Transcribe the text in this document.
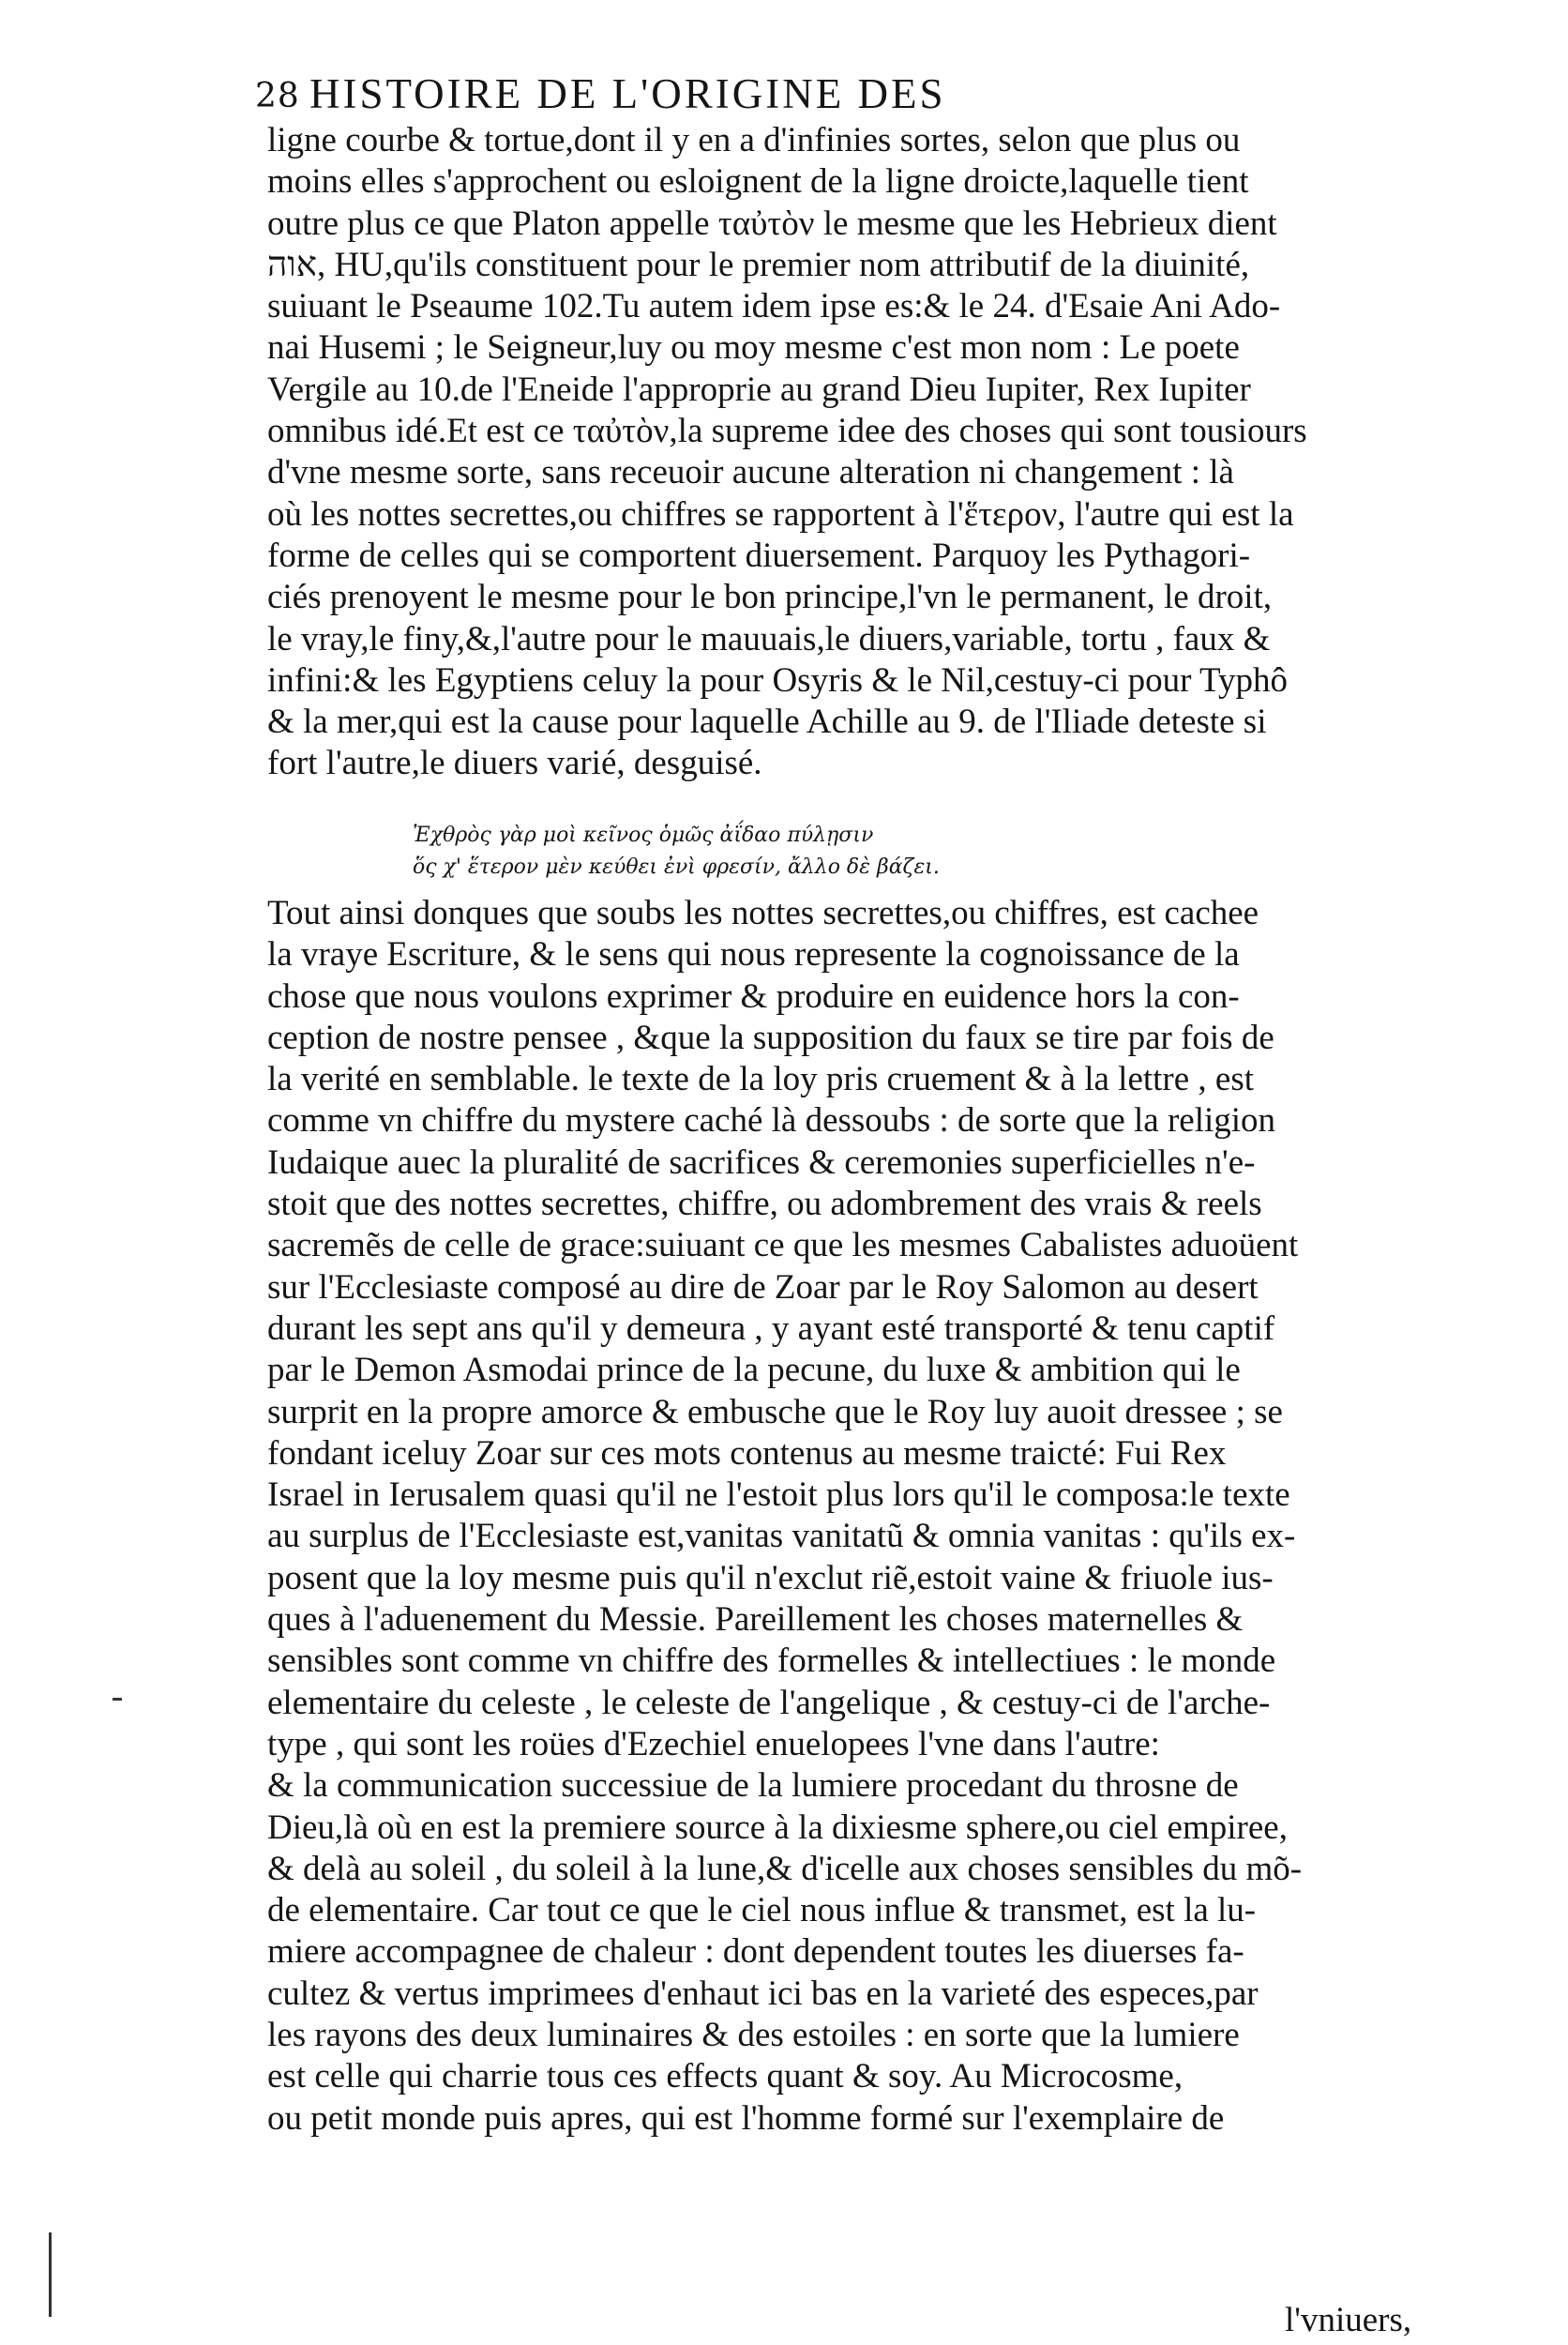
28 HISTOIRE DE L'ORIGINE DES
ligne courbe & tortue,dont il y en a d'infinies sortes, selon que plus ou
moins elles s'approchent ou esloignent de la ligne droicte,laquelle tient
outre plus ce que Platon appelle ταὐτὸν le mesme que les Hebrieux dient
אוה, HU,qu'ils constituent pour le premier nom attributif de la diuinité,
suiuant le Pseaume 102.Tu autem idem ipse es:& le 24. d'Esaie Ani Ado-
nai Husemi ; le Seigneur,luy ou moy mesme c'est mon nom : Le poete
Vergile au 10.de l'Eneide l'approprie au grand Dieu Iupiter, Rex Iupiter
omnibus idé.Et est ce ταὐτὸν,la supreme idee des choses qui sont tousiours
d'vne mesme sorte, sans receuoir aucune alteration ni changement : là
où les nottes secrettes,ou chiffres se rapportent à l'ἕτερον, l'autre qui est la
forme de celles qui se comportent diuersement. Parquoy les Pythagori-
ciés prenoyent le mesme pour le bon principe,l'vn le permanent, le droit,
le vray,le finy,&,l'autre pour le mauuais,le diuers,variable, tortu , faux &
infini:& les Egyptiens celuy la pour Osyris & le Nil,cestuy-ci pour Typhô
& la mer,qui est la cause pour laquelle Achille au 9. de l'Iliade deteste si
fort l'autre,le diuers varié, desguisé.
Ἐχθρὸς γὰρ μοὶ κεῖνος ὁμῶς ἀΐδαο πύλῃσιν
ὅς χ' ἕτερον μὲν κεύθει ἐνὶ φρεσίν, ἄλλο δὲ βάζει.
Tout ainsi donques que soubs les nottes secrettes,ou chiffres, est cachee
la vraye Escriture, & le sens qui nous represente la cognoissance de la
chose que nous voulons exprimer & produire en euidence hors la con-
ception de nostre pensee , &que la supposition du faux se tire par fois de
la verité en semblable. le texte de la loy pris cruement & à la lettre , est
comme vn chiffre du mystere caché là dessoubs : de sorte que la religion
Iudaique auec la pluralité de sacrifices & ceremonies superficielles n'e-
stoit que des nottes secrettes, chiffre, ou adombrement des vrais & reels
sacremẽs de celle de grace:suiuant ce que les mesmes Cabalistes aduoüent
sur l'Ecclesiaste composé au dire de Zoar par le Roy Salomon au desert
durant les sept ans qu'il y demeura , y ayant esté transporté & tenu captif
par le Demon Asmodai prince de la pecune, du luxe & ambition qui le
surprit en la propre amorce & embusche que le Roy luy auoit dressee ; se
fondant iceluy Zoar sur ces mots contenus au mesme traicté: Fui Rex
Israel in Ierusalem quasi qu'il ne l'estoit plus lors qu'il le composa:le texte
au surplus de l'Ecclesiaste est,vanitas vanitatũ & omnia vanitas : qu'ils ex-
posent que la loy mesme puis qu'il n'exclut riẽ,estoit vaine & friuole ius-
ques à l'aduenement du Messie. Pareillement les choses maternelles &
sensibles sont comme vn chiffre des formelles & intellectiues : le monde
elementaire du celeste , le celeste de l'angelique , & cestuy-ci de l'arche-
type , qui sont les roües d'Ezechiel enuelopees l'vne dans l'autre:
& la communication successiue de la lumiere procedant du throsne de
Dieu,là où en est la premiere source à la dixiesme sphere,ou ciel empiree,
& delà au soleil , du soleil à la lune,& d'icelle aux choses sensibles du mõ-
de elementaire. Car tout ce que le ciel nous influe & transmet, est la lu-
miere accompagnee de chaleur : dont dependent toutes les diuerses fa-
cultez & vertus imprimees d'enhaut ici bas en la varieté des especes,par
les rayons des deux luminaires & des estoiles : en sorte que la lumiere
est celle qui charrie tous ces effects quant & soy. Au Microcosme,
ou petit monde puis apres, qui est l'homme formé sur l'exemplaire de
l'vniuers,
